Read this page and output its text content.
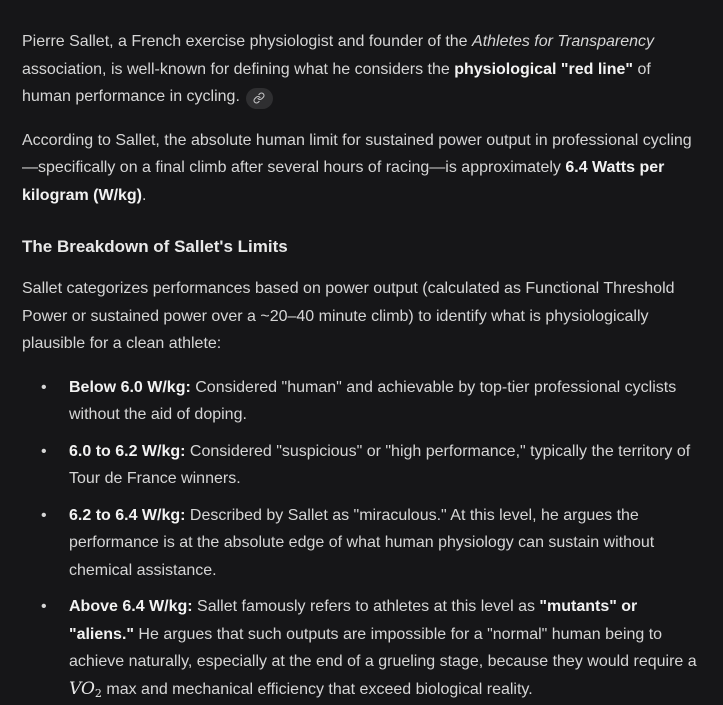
Pierre Sallet, a French exercise physiologist and founder of the Athletes for Transparency association, is well-known for defining what he considers the physiological "red line" of human performance in cycling.

According to Sallet, the absolute human limit for sustained power output in professional cycling—specifically on a final climb after several hours of racing—is approximately 6.4 Watts per kilogram (W/kg).

The Breakdown of Sallet's Limits

Sallet categorizes performances based on power output (calculated as Functional Threshold Power or sustained power over a ~20–40 minute climb) to identify what is physiologically plausible for a clean athlete:

• Below 6.0 W/kg: Considered "human" and achievable by top-tier professional cyclists without the aid of doping.
• 6.0 to 6.2 W/kg: Considered "suspicious" or "high performance," typically the territory of Tour de France winners.
• 6.2 to 6.4 W/kg: Described by Sallet as "miraculous." At this level, he argues the performance is at the absolute edge of what human physiology can sustain without chemical assistance.
• Above 6.4 W/kg: Sallet famously refers to athletes at this level as "mutants" or "aliens." He argues that such outputs are impossible for a "normal" human being to achieve naturally, especially at the end of a grueling stage, because they would require a $VO_2$ max and mechanical efficiency that exceed biological reality.
